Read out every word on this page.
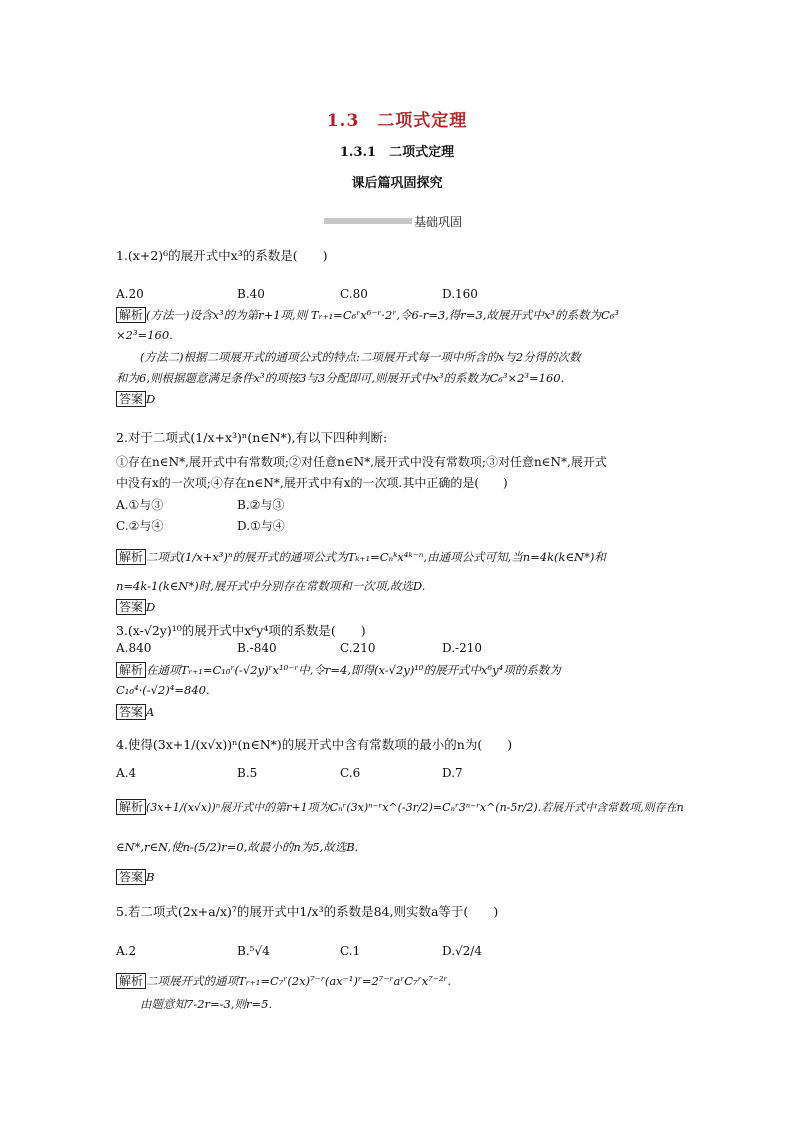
1.3　二项式定理
1.3.1　二项式定理
课后篇巩固探究
基础巩固
1.(x+2)⁶的展开式中x³的系数是(　　)
A.20	B.40	C.80	D.160
解析 (方法一)设含x³的为第r+1项,则 Tᵣ₊₁=C₆ʳx⁶⁻ʳ·2ʳ,令6-r=3,得r=3,故展开式中x³的系数为C₆³
×2³=160.
(方法二)根据二项展开式的通项公式的特点:二项展开式每一项中所含的x与2分得的次数
和为6,则根据题意满足条件x³的项按3与3分配即可,则展开式中x³的系数为C₆³×2³=160.
答案 D
2.对于二项式(1/x+x³)ⁿ(n∈N*),有以下四种判断:
①存在n∈N*,展开式中有常数项;②对任意n∈N*,展开式中没有常数项;③对任意n∈N*,展开式
中没有x的一次项;④存在n∈N*,展开式中有x的一次项.其中正确的是(　　)
A.①与③	B.②与③
C.②与④	D.①与④
解析 二项式(1/x+x³)ⁿ的展开式的通项公式为Tₖ₊₁=Cₙᵏx⁴ᵏ⁻ⁿ,由通项公式可知,当n=4k(k∈N*)和
n=4k-1(k∈N*)时,展开式中分别存在常数项和一次项,故选D.
答案 D
3.(x-√2y)¹⁰的展开式中x⁶y⁴项的系数是(　　)
A.840	B.-840	C.210	D.-210
解析 在通项Tᵣ₊₁=C₁₀ʳ(-√2y)ʳx¹⁰⁻ʳ中,令r=4,即得(x-√2y)¹⁰的展开式中x⁶y⁴项的系数为
C₁₀⁴·(-√2)⁴=840.
答案 A
4.使得(3x+1/(x√x))ⁿ(n∈N*)的展开式中含有常数项的最小的n为(　　)
A.4	B.5	C.6	D.7
解析 (3x+1/(x√x))ⁿ展开式中的第r+1项为Cₙʳ(3x)ⁿ⁻ʳx^(-3r/2)=Cₙʳ3ⁿ⁻ʳx^(n-5r/2).若展开式中含常数项,则存在n
∈N*,r∈N,使n-(5/2)r=0,故最小的n为5,故选B.
答案 B
5.若二项式(2x+a/x)⁷的展开式中1/x³的系数是84,则实数a等于(　　)
A.2	B.⁵√4	C.1	D.√2/4
解析 二项展开式的通项Tᵣ₊₁=C₇ʳ(2x)⁷⁻ʳ(ax⁻¹)ʳ=2⁷⁻ʳaʳC₇ʳx⁷⁻²ʳ.
由题意知7-2r=-3,则r=5.
